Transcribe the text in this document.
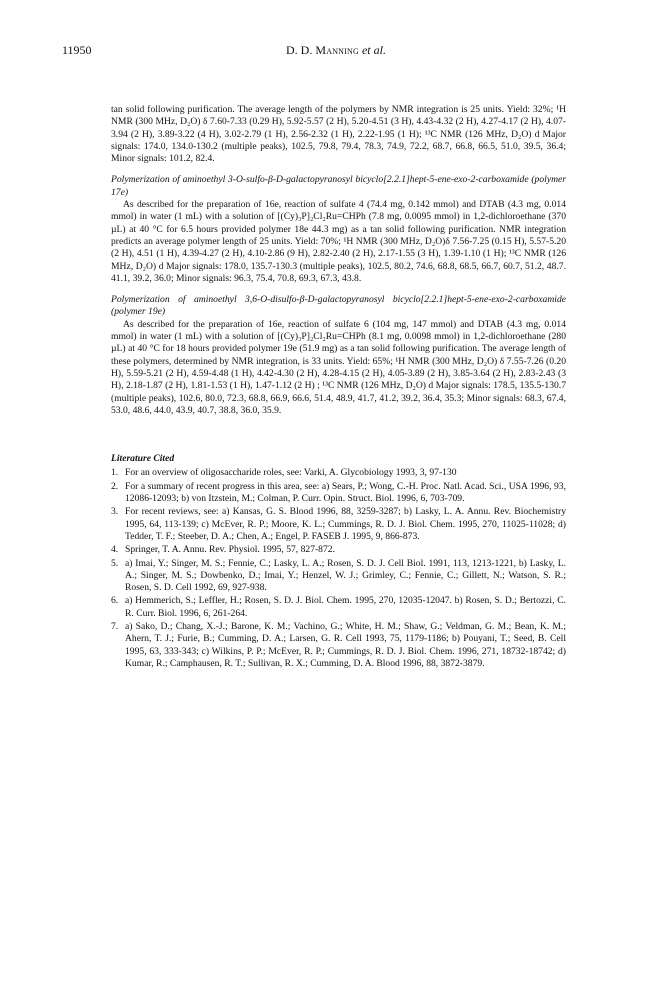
11950	D. D. Manning et al.

tan solid following purification. The average length of the polymers by NMR integration is 25 units. Yield: 32%; ¹H NMR (300 MHz, D₂O) δ 7.60-7.33 (0.29 H), 5.92-5.57 (2 H), 5.20-4.51 (3 H), 4.43-4.32 (2 H), 4.27-4.17 (2 H), 4.07-3.94 (2 H), 3.89-3.22 (4 H), 3.02-2.79 (1 H), 2.56-2.32 (1 H), 2.22-1.95 (1 H); ¹³C NMR (126 MHz, D₂O) d Major signals: 174.0, 134.0-130.2 (multiple peaks), 102.5, 79.8, 79.4, 78.3, 74.9, 72.2, 68.7, 66.8, 66.5, 51.0, 39.5, 36.4; Minor signals: 101.2, 82.4.

Polymerization of aminoethyl 3-O-sulfo-β-D-galactopyranosyl bicyclo[2.2.1]hept-5-ene-exo-2-carboxamide (polymer 17e)

As described for the preparation of 16e, reaction of sulfate 4 (74.4 mg, 0.142 mmol) and DTAB (4.3 mg, 0.014 mmol) in water (1 mL) with a solution of [(Cy)₃P]₂Cl₂Ru=CHPh (7.8 mg, 0.0095 mmol) in 1,2-dichloroethane (370 µL) at 40 °C for 6.5 hours provided polymer 18e 44.3 mg) as a tan solid following purification. NMR integration predicts an average polymer length of 25 units. Yield: 70%; ¹H NMR (300 MHz, D₂O)δ 7.56-7.25 (0.15 H), 5.57-5.20 (2 H), 4.51 (1 H), 4.39-4.27 (2 H), 4.10-2.86 (9 H), 2.82-2.40 (2 H), 2.17-1.55 (3 H), 1.39-1.10 (1 H); ¹³C NMR (126 MHz, D₂O) d Major signals: 178.0, 135.7-130.3 (multiple peaks), 102.5, 80.2, 74.6, 68.8, 68.5, 66.7, 60.7, 51.2, 48.7. 41.1, 39.2, 36.0; Minor signals: 96.3, 75.4, 70.8, 69.3, 67.3, 43.8.

Polymerization of aminoethyl 3,6-O-disulfo-β-D-galactopyranosyl bicyclo[2.2.1]hept-5-ene-exo-2-carboxamide (polymer 19e)

As described for the preparation of 16e, reaction of sulfate 6 (104 mg, 147 mmol) and DTAB (4.3 mg, 0.014 mmol) in water (1 mL) with a solution of [(Cy)₃P]₂Cl₂Ru=CHPh (8.1 mg, 0.0098 mmol) in 1,2-dichloroethane (280 µL) at 40 °C for 18 hours provided polymer 19e (51.9 mg) as a tan solid following purification. The average length of these polymers, determined by NMR integration, is 33 units. Yield: 65%; ¹H NMR (300 MHz, D₂O) δ 7.55-7.26 (0.20 H), 5.59-5.21 (2 H), 4.59-4.48 (1 H), 4.42-4.30 (2 H), 4.28-4.15 (2 H), 4.05-3.89 (2 H), 3.85-3.64 (2 H), 2.83-2.43 (3 H), 2.18-1.87 (2 H), 1.81-1.53 (1 H), 1.47-1.12 (2 H) ; ¹³C NMR (126 MHz, D₂O) d Major signals: 178.5, 135.5-130.7 (multiple peaks), 102.6, 80.0, 72.3, 68.8, 66.9, 66.6, 51.4, 48.9, 41.7, 41.2, 39.2, 36.4, 35.3; Minor signals: 68.3, 67.4, 53.0, 48.6, 44.0, 43.9, 40.7, 38.8, 36.0, 35.9.

Literature Cited

1. For an overview of oligosaccharide roles, see: Varki, A. Glycobiology 1993, 3, 97-130
2. For a summary of recent progress in this area, see: a) Sears, P.; Wong, C.-H. Proc. Natl. Acad. Sci., USA 1996, 93, 12086-12093; b) von Itzstein, M.; Colman, P. Curr. Opin. Struct. Biol. 1996, 6, 703-709.
3. For recent reviews, see: a) Kansas, G. S. Blood 1996, 88, 3259-3287; b) Lasky, L. A. Annu. Rev. Biochemistry 1995, 64, 113-139; c) McEver, R. P.; Moore, K. L.; Cummings, R. D. J. Biol. Chem. 1995, 270, 11025-11028; d) Tedder, T. F.; Steeber, D. A.; Chen, A.; Engel, P. FASEB J. 1995, 9, 866-873.
4. Springer, T. A. Annu. Rev. Physiol. 1995, 57, 827-872.
5. a) Imai, Y.; Singer, M. S.; Fennie, C.; Lasky, L. A.; Rosen, S. D. J. Cell Biol. 1991, 113, 1213-1221, b) Lasky, L. A.; Singer, M. S.; Dowbenko, D.; Imai, Y.; Henzel, W. J.; Grimley, C.; Fennie, C.; Gillett, N.; Watson, S. R.; Rosen, S. D. Cell 1992, 69, 927-938.
6. a) Hemmerich, S.; Leffler, H.; Rosen, S. D. J. Biol. Chem. 1995, 270, 12035-12047. b) Rosen, S. D.; Bertozzi, C. R. Curr. Biol. 1996, 6, 261-264.
7. a) Sako, D.; Chang, X.-J.; Barone, K. M.; Vachino, G.; White, H. M.; Shaw, G.; Veldman, G. M.; Bean, K. M.; Ahern, T. J.; Furie, B.; Cumming, D. A.; Larsen, G. R. Cell 1993, 75, 1179-1186; b) Pouyani, T.; Seed, B. Cell 1995, 63, 333-343; c) Wilkins, P. P.; McEver, R. P.; Cummings, R. D. J. Biol. Chem. 1996, 271, 18732-18742; d) Kumar, R.; Camphausen, R. T.; Sullivan, R. X.; Cumming, D. A. Blood 1996, 88, 3872-3879.
